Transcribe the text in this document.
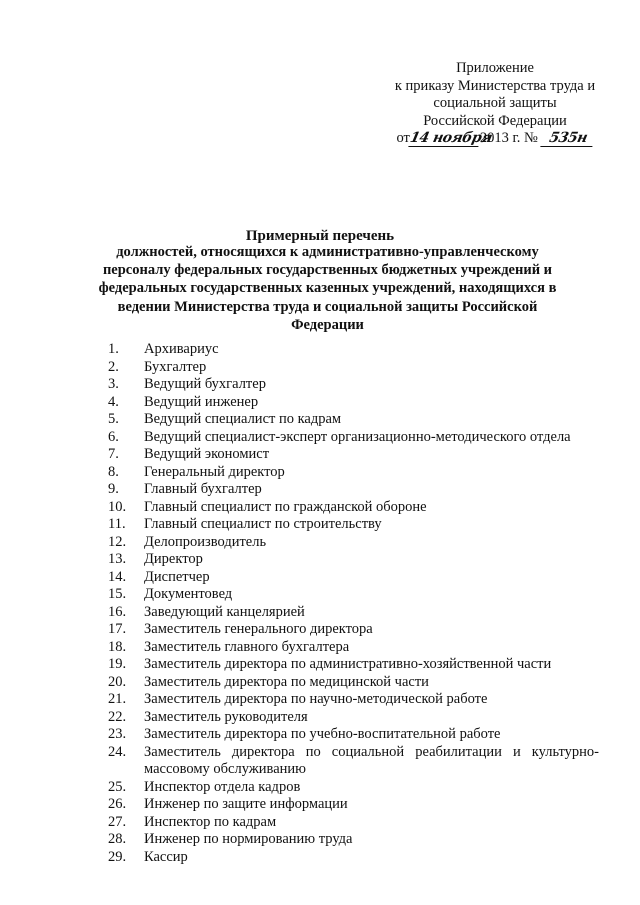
Приложение
к приказу Министерства труда и
социальной защиты
Российской Федерации
от14 ноября2013 г. № 535н
Примерный перечень
должностей, относящихся к административно-управленческому
персоналу федеральных государственных бюджетных учреждений и
федеральных государственных казенных учреждений, находящихся в
ведении Министерства труда и социальной защиты Российской
Федерации
1.	Архивариус
2.	Бухгалтер
3.	Ведущий бухгалтер
4.	Ведущий инженер
5.	Ведущий специалист по кадрам
6.	Ведущий специалист-эксперт организационно-методического отдела
7.	Ведущий экономист
8.	Генеральный директор
9.	Главный бухгалтер
10.	Главный специалист по гражданской обороне
11.	Главный специалист по строительству
12.	Делопроизводитель
13.	Директор
14.	Диспетчер
15.	Документовед
16.	Заведующий канцелярией
17.	Заместитель генерального директора
18.	Заместитель главного бухгалтера
19.	Заместитель директора по административно-хозяйственной части
20.	Заместитель директора по медицинской части
21.	Заместитель директора по научно-методической работе
22.	Заместитель руководителя
23.	Заместитель директора по учебно-воспитательной работе
24.	Заместитель директора по социальной реабилитации и культурно-
массовому обслуживанию
25.	Инспектор отдела кадров
26.	Инженер по защите информации
27.	Инспектор по кадрам
28.	Инженер по нормированию труда
29.	Кассир
